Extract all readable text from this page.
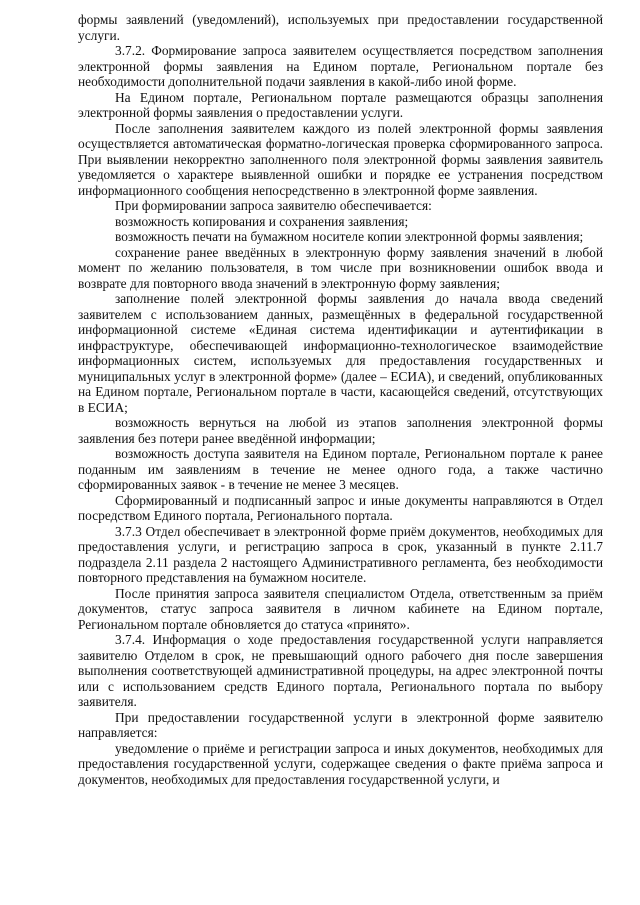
формы заявлений (уведомлений), используемых при предоставлении государственной услуги.

3.7.2. Формирование запроса заявителем осуществляется посредством заполнения электронной формы заявления на Едином портале, Региональном портале без необходимости дополнительной подачи заявления в какой-либо иной форме.

На Едином портале, Региональном портале размещаются образцы заполнения электронной формы заявления о предоставлении услуги.

После заполнения заявителем каждого из полей электронной формы заявления осуществляется автоматическая форматно-логическая проверка сформированного запроса. При выявлении некорректно заполненного поля электронной формы заявления заявитель уведомляется о характере выявленной ошибки и порядке ее устранения посредством информационного сообщения непосредственно в электронной форме заявления.

При формировании запроса заявителю обеспечивается:

возможность копирования и сохранения заявления;

возможность печати на бумажном носителе копии электронной формы заявления;

сохранение ранее введённых в электронную форму заявления значений в любой момент по желанию пользователя, в том числе при возникновении ошибок ввода и возврате для повторного ввода значений в электронную форму заявления;

заполнение полей электронной формы заявления до начала ввода сведений заявителем с использованием данных, размещённых в федеральной государственной информационной системе «Единая система идентификации и аутентификации в инфраструктуре, обеспечивающей информационно-технологическое взаимодействие информационных систем, используемых для предоставления государственных и муниципальных услуг в электронной форме» (далее – ЕСИА), и сведений, опубликованных на Едином портале, Региональном портале в части, касающейся сведений, отсутствующих в ЕСИА;

возможность вернуться на любой из этапов заполнения электронной формы заявления без потери ранее введённой информации;

возможность доступа заявителя на Едином портале, Региональном портале к ранее поданным им заявлениям в течение не менее одного года, а также частично сформированных заявок - в течение не менее 3 месяцев.

Сформированный и подписанный запрос и иные документы направляются в Отдел посредством Единого портала, Регионального портала.

3.7.3 Отдел обеспечивает в электронной форме приём документов, необходимых для предоставления услуги, и регистрацию запроса в срок, указанный в пункте 2.11.7 подраздела 2.11 раздела 2 настоящего Административного регламента, без необходимости повторного представления на бумажном носителе.

После принятия запроса заявителя специалистом Отдела, ответственным за приём документов, статус запроса заявителя в личном кабинете на Едином портале, Региональном портале обновляется до статуса «принято».

3.7.4. Информация о ходе предоставления государственной услуги направляется заявителю Отделом в срок, не превышающий одного рабочего дня после завершения выполнения соответствующей административной процедуры, на адрес электронной почты или с использованием средств Единого портала, Регионального портала по выбору заявителя.

При предоставлении государственной услуги в электронной форме заявителю направляется:

уведомление о приёме и регистрации запроса и иных документов, необходимых для предоставления государственной услуги, содержащее сведения о факте приёма запроса и документов, необходимых для предоставления государственной услуги, и
